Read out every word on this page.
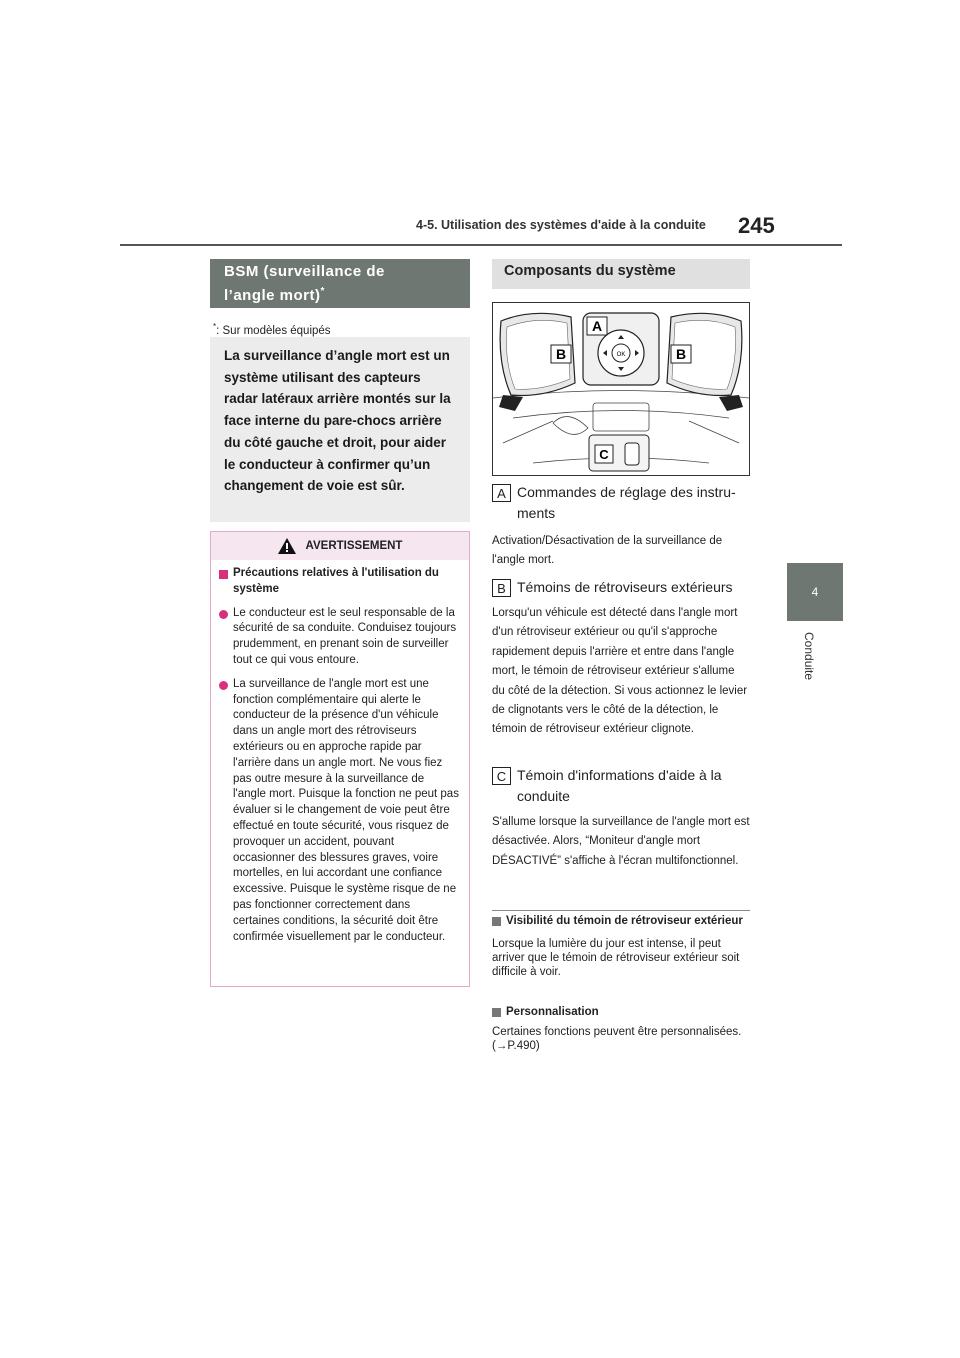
4-5. Utilisation des systèmes d'aide à la conduite 245
4
Conduite
BSM (surveillance de
l’angle mort)*
*: Sur modèles équipés
La surveillance d’angle mort est un système utilisant des capteurs radar latéraux arrière montés sur la face interne du pare-chocs arrière du côté gauche et droit, pour aider le conducteur à confirmer qu’un changement de voie est sûr.
AVERTISSEMENT
Précautions relatives à l'utilisation du système
Le conducteur est le seul responsable de la sécurité de sa conduite. Conduisez toujours prudemment, en prenant soin de surveiller tout ce qui vous entoure.
La surveillance de l'angle mort est une fonction complémentaire qui alerte le conducteur de la présence d'un véhicule dans un angle mort des rétroviseurs extérieurs ou en approche rapide par l'arrière dans un angle mort. Ne vous fiez pas outre mesure à la surveillance de l'angle mort. Puisque la fonction ne peut pas évaluer si le changement de voie peut être effectué en toute sécurité, vous risquez de provoquer un accident, pouvant occasionner des blessures graves, voire mortelles, en lui accordant une confiance excessive. Puisque le système risque de ne pas fonctionner correctement dans certaines conditions, la sécurité doit être confirmée visuellement par le conducteur.
Composants du système
A
B	B
C
OK
A Commandes de réglage des instru-
ments
Activation/Désactivation de la surveillance de l'angle mort.
B Témoins de rétroviseurs extérieurs
Lorsqu'un véhicule est détecté dans l'angle mort d'un rétroviseur extérieur ou qu'il s'approche rapidement depuis l'arrière et entre dans l'angle mort, le témoin de rétroviseur extérieur s'allume du côté de la détection. Si vous actionnez le levier de clignotants vers le côté de la détection, le témoin de rétroviseur extérieur clignote.
C Témoin d'informations d'aide à la
conduite
S'allume lorsque la surveillance de l'angle mort est désactivée. Alors, “Moniteur d'angle mort DÉSACTIVÉ” s'affiche à l'écran multifonctionnel.
Visibilité du témoin de rétroviseur extérieur
Lorsque la lumière du jour est intense, il peut arriver que le témoin de rétroviseur extérieur soit difficile à voir.
Personnalisation
Certaines fonctions peuvent être personnalisées. (→P.490)
